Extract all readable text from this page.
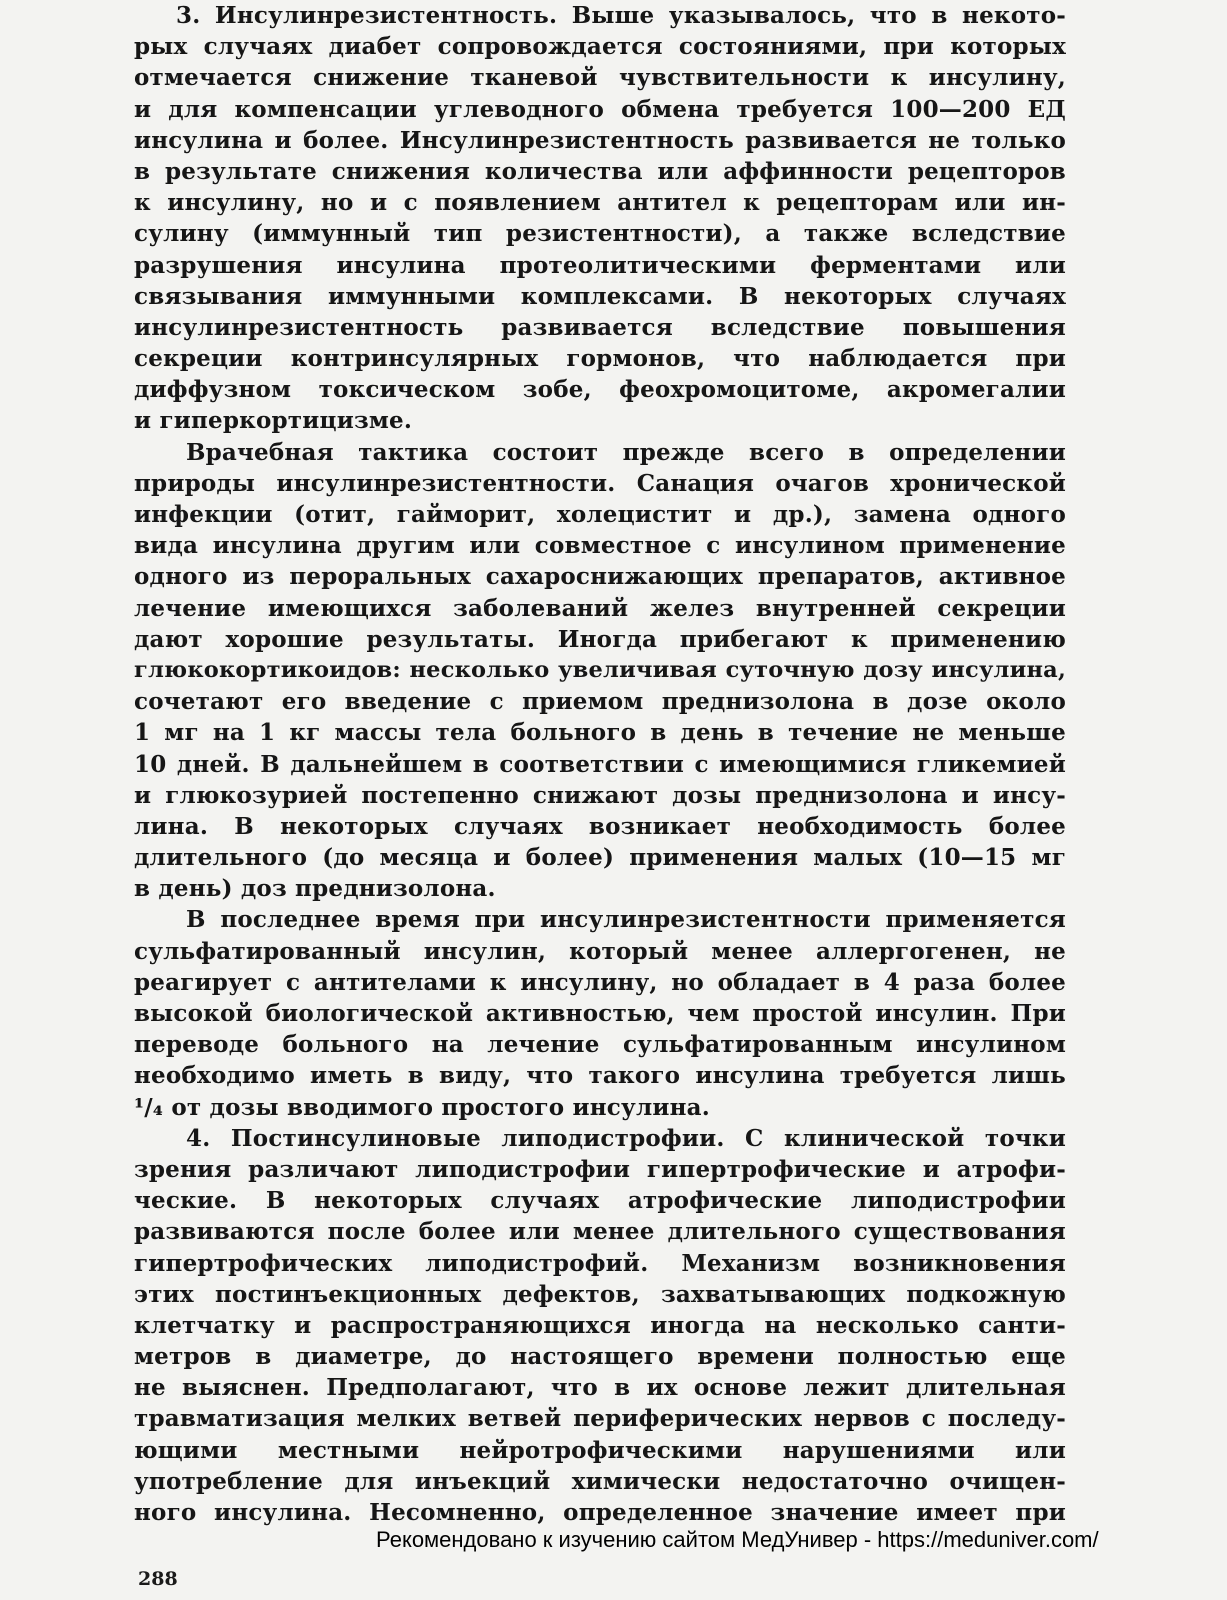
3. Инсулинрезистентность. Выше указывалось, что в некото-
рых случаях диабет сопровождается состояниями, при которых
отмечается снижение тканевой чувствительности к инсулину,
и для компенсации углеводного обмена требуется 100—200 ЕД
инсулина и более. Инсулинрезистентность развивается не только
в результате снижения количества или аффинности рецепторов
к инсулину, но и с появлением антител к рецепторам или ин-
сулину (иммунный тип резистентности), а также вследствие
разрушения инсулина протеолитическими ферментами или
связывания иммунными комплексами. В некоторых случаях
инсулинрезистентность развивается вследствие повышения
секреции контринсулярных гормонов, что наблюдается при
диффузном токсическом зобе, феохромоцитоме, акромегалии
и гиперкортицизме.
Врачебная тактика состоит прежде всего в определении
природы инсулинрезистентности. Санация очагов хронической
инфекции (отит, гайморит, холецистит и др.), замена одного
вида инсулина другим или совместное с инсулином применение
одного из пероральных сахароснижающих препаратов, активное
лечение имеющихся заболеваний желез внутренней секреции
дают хорошие результаты. Иногда прибегают к применению
глюкокортикоидов: несколько увеличивая суточную дозу инсулина,
сочетают его введение с приемом преднизолона в дозе около
1 мг на 1 кг массы тела больного в день в течение не меньше
10 дней. В дальнейшем в соответствии с имеющимися гликемией
и глюкозурией постепенно снижают дозы преднизолона и инсу-
лина. В некоторых случаях возникает необходимость более
длительного (до месяца и более) применения малых (10—15 мг
в день) доз преднизолона.
В последнее время при инсулинрезистентности применяется
сульфатированный инсулин, который менее аллергогенен, не
реагирует с антителами к инсулину, но обладает в 4 раза более
высокой биологической активностью, чем простой инсулин. При
переводе больного на лечение сульфатированным инсулином
необходимо иметь в виду, что такого инсулина требуется лишь
¹/₄ от дозы вводимого простого инсулина.
4. Постинсулиновые липодистрофии. С клинической точки
зрения различают липодистрофии гипертрофические и атрофи-
ческие. В некоторых случаях атрофические липодистрофии
развиваются после более или менее длительного существования
гипертрофических липодистрофий. Механизм возникновения
этих постинъекционных дефектов, захватывающих подкожную
клетчатку и распространяющихся иногда на несколько санти-
метров в диаметре, до настоящего времени полностью еще
не выяснен. Предполагают, что в их основе лежит длительная
травматизация мелких ветвей периферических нервов с последу-
ющими местными нейротрофическими нарушениями или
употребление для инъекций химически недостаточно очищен-
ного инсулина. Несомненно, определенное значение имеет при
Рекомендовано к изучению сайтом МедУнивер - https://meduniver.com/
288
